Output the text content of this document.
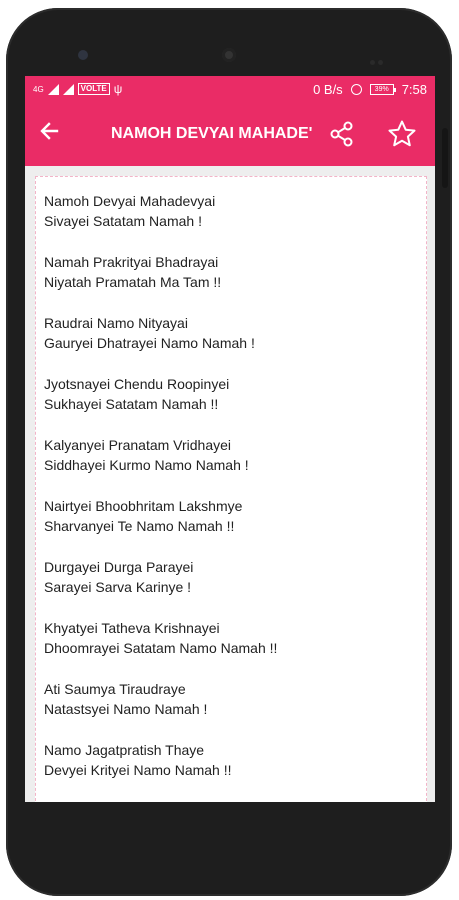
4G	VOLTE ψ	0 B/s	39%	7:58
NAMOH DEVYAI MAHADE'
Namoh Devyai Mahadevyai
Sivayei Satatam Namah !
Namah Prakrityai Bhadrayai
Niyatah Pramatah Ma Tam !!
Raudrai Namo Nityayai
Gauryei Dhatrayei Namo Namah !
Jyotsnayei Chendu Roopinyei
Sukhayei Satatam Namah !!
Kalyanyei Pranatam Vridhayei
Siddhayei Kurmo Namo Namah !
Nairtyei Bhoobhritam Lakshmye
Sharvanyei Te Namo Namah !!
Durgayei Durga Parayei
Sarayei Sarva Karinye !
Khyatyei Tatheva Krishnayei
Dhoomrayei Satatam Namo Namah !!
Ati Saumya Tiraudraye
Natastsyei Namo Namah !
Namo Jagatpratish Thaye
Devyei Krityei Namo Namah !!
